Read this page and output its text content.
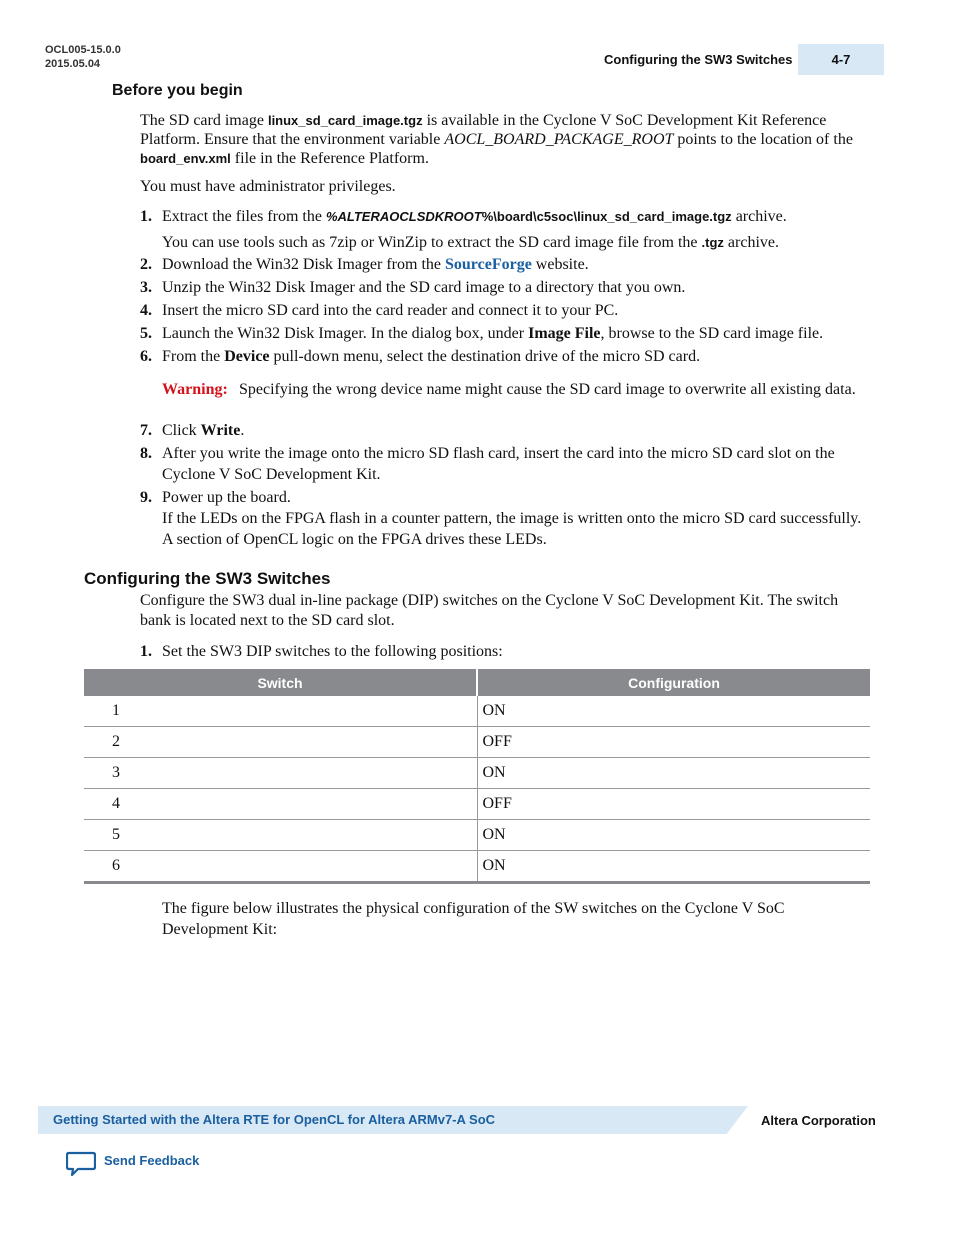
OCL005-15.0.0
2015.05.04	Configuring the SW3 Switches	4-7
Before you begin
The SD card image linux_sd_card_image.tgz is available in the Cyclone V SoC Development Kit Reference Platform. Ensure that the environment variable AOCL_BOARD_PACKAGE_ROOT points to the location of the board_env.xml file in the Reference Platform.
You must have administrator privileges.
1. Extract the files from the %ALTERAOCLSDKROOT%\board\c5soc\linux_sd_card_image.tgz archive.
You can use tools such as 7zip or WinZip to extract the SD card image file from the .tgz archive.
2. Download the Win32 Disk Imager from the SourceForge website.
3. Unzip the Win32 Disk Imager and the SD card image to a directory that you own.
4. Insert the micro SD card into the card reader and connect it to your PC.
5. Launch the Win32 Disk Imager. In the dialog box, under Image File, browse to the SD card image file.
6. From the Device pull-down menu, select the destination drive of the micro SD card.
Warning: Specifying the wrong device name might cause the SD card image to overwrite all existing data.
7. Click Write.
8. After you write the image onto the micro SD flash card, insert the card into the micro SD card slot on the Cyclone V SoC Development Kit.
9. Power up the board.
If the LEDs on the FPGA flash in a counter pattern, the image is written onto the micro SD card successfully. A section of OpenCL logic on the FPGA drives these LEDs.
Configuring the SW3 Switches
Configure the SW3 dual in-line package (DIP) switches on the Cyclone V SoC Development Kit. The switch bank is located next to the SD card slot.
1. Set the SW3 DIP switches to the following positions:
Switch	Configuration
1	ON
2	OFF
3	ON
4	OFF
5	ON
6	ON
The figure below illustrates the physical configuration of the SW switches on the Cyclone V SoC Development Kit:
Getting Started with the Altera RTE for OpenCL for Altera ARMv7-A SoC	Altera Corporation
Send Feedback
